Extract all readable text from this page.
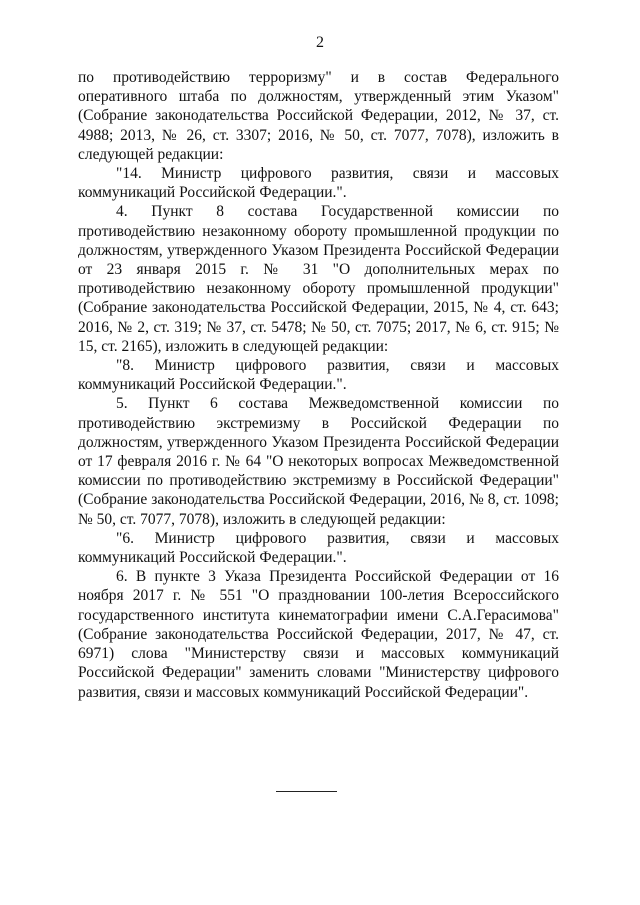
2

по противодействию терроризму" и в состав Федерального оперативного штаба по должностям, утвержденный этим Указом" (Собрание законодательства Российской Федерации, 2012, № 37, ст. 4988; 2013, № 26, ст. 3307; 2016, № 50, ст. 7077, 7078), изложить в следующей редакции:

"14. Министр цифрового развития, связи и массовых коммуникаций Российской Федерации.".

4. Пункт 8 состава Государственной комиссии по противодействию незаконному обороту промышленной продукции по должностям, утвержденного Указом Президента Российской Федерации от 23 января 2015 г. № 31 "О дополнительных мерах по противодействию незаконному обороту промышленной продукции" (Собрание законодательства Российской Федерации, 2015, № 4, ст. 643; 2016, № 2, ст. 319; № 37, ст. 5478; № 50, ст. 7075; 2017, № 6, ст. 915; № 15, ст. 2165), изложить в следующей редакции:

"8. Министр цифрового развития, связи и массовых коммуникаций Российской Федерации.".

5. Пункт 6 состава Межведомственной комиссии по противодействию экстремизму в Российской Федерации по должностям, утвержденного Указом Президента Российской Федерации от 17 февраля 2016 г. № 64 "О некоторых вопросах Межведомственной комиссии по противодействию экстремизму в Российской Федерации" (Собрание законодательства Российской Федерации, 2016, № 8, ст. 1098; № 50, ст. 7077, 7078), изложить в следующей редакции:

"6. Министр цифрового развития, связи и массовых коммуникаций Российской Федерации.".

6. В пункте 3 Указа Президента Российской Федерации от 16 ноября 2017 г. № 551 "О праздновании 100-летия Всероссийского государственного института кинематографии имени С.А.Герасимова" (Собрание законодательства Российской Федерации, 2017, № 47, ст. 6971) слова "Министерству связи и массовых коммуникаций Российской Федерации" заменить словами "Министерству цифрового развития, связи и массовых коммуникаций Российской Федерации".
